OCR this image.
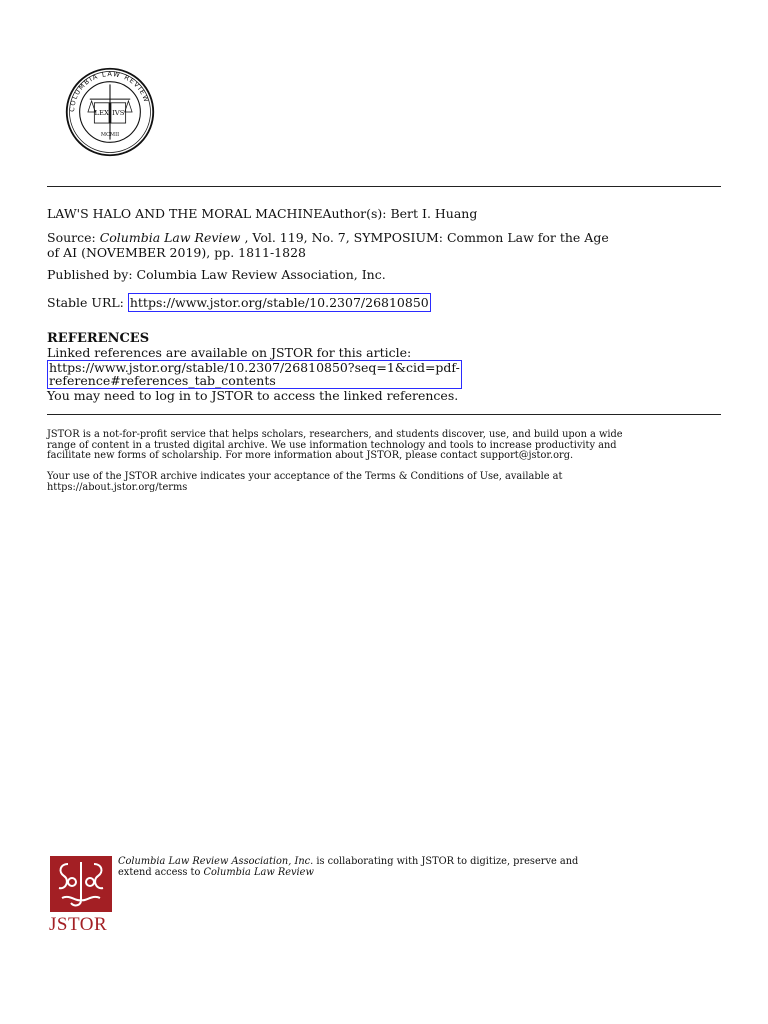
COLUMBIA LAW REVIEW
LEX IVS
MCMII
LAW'S HALO AND THE MORAL MACHINEAuthor(s): Bert I. Huang
Source: Columbia Law Review , Vol. 119, No. 7, SYMPOSIUM: Common Law for the Age
of AI (NOVEMBER 2019), pp. 1811-1828
Published by: Columbia Law Review Association, Inc.
Stable URL: https://www.jstor.org/stable/10.2307/26810850
REFERENCES
Linked references are available on JSTOR for this article:
https://www.jstor.org/stable/10.2307/26810850?seq=1&cid=pdf-
reference#references_tab_contents
You may need to log in to JSTOR to access the linked references.
JSTOR is a not-for-profit service that helps scholars, researchers, and students discover, use, and build upon a wide
range of content in a trusted digital archive. We use information technology and tools to increase productivity and
facilitate new forms of scholarship. For more information about JSTOR, please contact support@jstor.org.
Your use of the JSTOR archive indicates your acceptance of the Terms & Conditions of Use, available at
https://about.jstor.org/terms
JSTOR
Columbia Law Review Association, Inc. is collaborating with JSTOR to digitize, preserve and
extend access to Columbia Law Review
